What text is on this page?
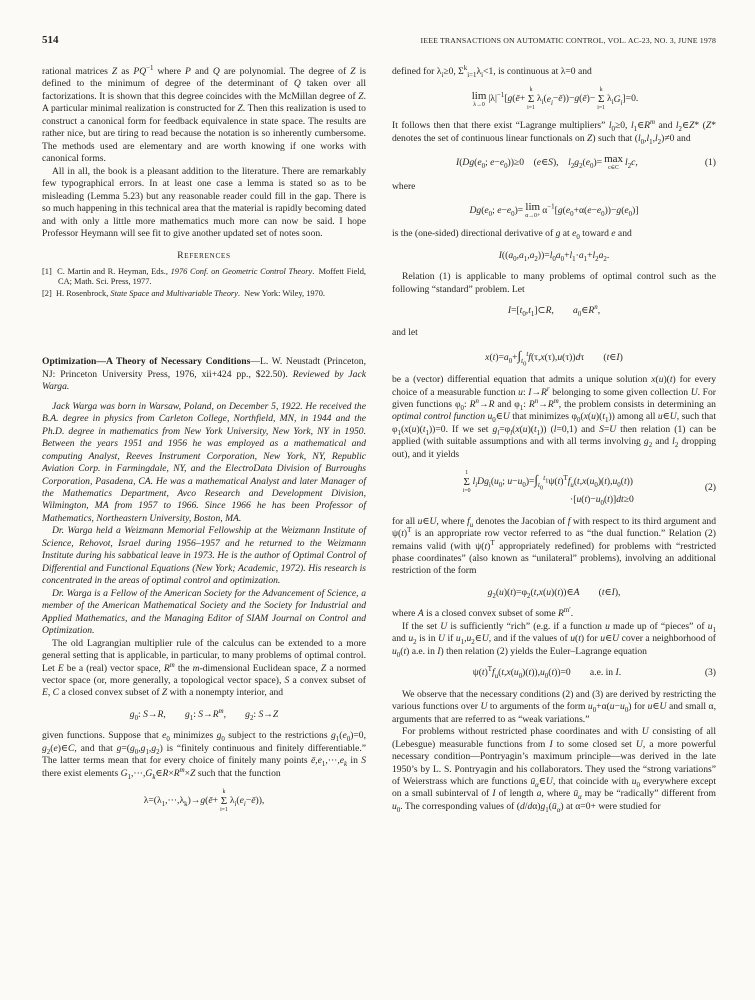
514	IEEE TRANSACTIONS ON AUTOMATIC CONTROL, VOL. AC-23, NO. 3, JUNE 1978

rational matrices Z as $PQ^{-1}$ where P and Q are polynomial. The degree of Z is defined to the minimum of degree of the determinant of Q taken over all factorizations. It is shown that this degree coincides with the McMillan degree of Z. A particular minimal realization is constructed for Z. Then this realization is used to construct a canonical form for feedback equivalence in state space. The results are rather nice, but are tiring to read because the notation is so inherently cumbersome. The methods used are elementary and are worth knowing if one works with canonical forms.

All in all, the book is a pleasant addition to the literature. There are remarkably few typographical errors. In at least one case a lemma is stated so as to be misleading (Lemma 5.23) but any reasonable reader could fill in the gap. There is so much happening in this technical area that the material is rapidly becoming dated and with only a little more mathematics much more can now be said. I hope Professor Heymann will see fit to give another updated set of notes soon.

REFERENCES

[1]  C. Martin and R. Heyman, Eds., 1976 Conf. on Geometric Control Theory. Moffett Field, CA; Math. Sci. Press, 1977.

[2]  H. Rosenbrock, State Space and Multivariable Theory. New York: Wiley, 1970.

Optimization—A Theory of Necessary Conditions—L. W. Neustadt (Princeton, NJ: Princeton University Press, 1976, xii+424 pp., $22.50). Reviewed by Jack Warga.

Jack Warga was born in Warsaw, Poland, on December 5, 1922. He received the B.A. degree in physics from Carleton College, Northfield, MN, in 1944 and the Ph.D. degree in mathematics from New York University, New York, NY in 1950. Between the years 1951 and 1956 he was employed as a mathematical and computing Analyst, Reeves Instrument Corporation, New York, NY, Republic Aviation Corp. in Farmingdale, NY, and the ElectroData Division of Burroughs Corporation, Pasadena, CA. He was a mathematical Analyst and later Manager of the Mathematics Department, Avco Research and Development Division, Wilmington, MA from 1957 to 1966. Since 1966 he has been Professor of Mathematics, Northeastern University, Boston, MA.

Dr. Warga held a Weizmann Memorial Fellowship at the Weizmann Institute of Science, Rehovot, Israel during 1956–1957 and he returned to the Weizmann Institute during his sabbatical leave in 1973. He is the author of Optimal Control of Differential and Functional Equations (New York; Academic, 1972). His research is concentrated in the areas of optimal control and optimization.

Dr. Warga is a Fellow of the American Society for the Advancement of Science, a member of the American Mathematical Society and the Society for Industrial and Applied Mathematics, and the Managing Editor of SIAM Journal on Control and Optimization.

The old Lagrangian multiplier rule of the calculus can be extended to a more general setting that is applicable, in particular, to many problems of optimal control. Let E be a (real) vector space, $R^m$ the m-dimensional Euclidean space, Z a normed vector space (or, more generally, a topological vector space), S a convex subset of E, C a closed convex subset of Z with a nonempty interior, and

$g_0$: S→R,  $g_1$: $S\to R^m$,  $g_2$: S→Z

given functions. Suppose that $e_0$ minimizes $g_0$ subject to the restrictions $g_1(e_0)=0$, $g_2(e)\in C$, and that $g=(g_0,g_1,g_2)$ is “finitely continuous and finitely differentiable.” The latter terms mean that for every choice of finitely many points $ē,e_1,\cdot\cdot\cdot,e_k$ in S there exist elements $G_1,\cdot\cdot\cdot,G_k\in R\times R^m\times Z$ such that the function

$\lambda=(\lambda_1,\cdot\cdot\cdot,\lambda_k)\to g(ē+$
k
Σ
i=1
$\lambda_i(e_i-ē)$),

defined for $\lambda_i\ge 0$, $\Sigma^k_{i=1}\lambda_i<1$, is continuous at λ=0 and

lim
λ→0
$|\lambda|^{-1}[g(ē+$
k
Σ
i=1
$\lambda_i(e_i-ē))-g(ē)-$
k
Σ
i=1
$\lambda_iG_i]=0$.

It follows then that there exist “Lagrange multipliers” $l_0\ge 0$, $l_1\in R^m$ and $l_2\in Z*$ (Z* denotes the set of continuous linear functionals on Z) such that $(l_0,l_1,l_2)\ne 0$ and

$I(Dg(e_0$; $e-e_0))\ge 0$ (e∈S), $l_2g_2(e_0)= \max$
c∈C
$l_2c$,	(1)

where

$Dg(e_0$; $e-e_0)= \lim$
α→0+
$\alpha^{-1}[g(e_0+\alpha(e-e_0))-g(e_0)]$

is the (one-sided) directional derivative of g at $e_0$ toward e and

$I((a_0,a_1,a_2))=l_0a_0+l_1\cdot a_1+l_2a_2$.

Relation (1) is applicable to many problems of optimal control such as the following “standard” problem. Let

$I=[t_0,t_1]\subset R$,  $a_0\in R^n$,

and let

$x(t)=a_0+\int_{t_0}^tf(\tau,x(\tau),u(\tau))d\tau$  (t∈I)

be a (vector) differential equation that admits a unique solution x(u)(t) for every choice of a measurable function u: $I\to R^r$ belonging to some given collection U. For given functions $\varphi_0$: $R^n\to R$ and $\varphi_1$: $R^n\to R^m$, the problem consists in determining an optimal control function $u_0\in U$ that minimizes $\varphi_0(x(u)(t_1))$ among all u∈U, such that $\varphi_1(x(u)(t_1))=0$. If we set $g_l=\varphi_l(x(u)(t_1))$ (l=0,1) and S=U then relation (1) can be applied (with suitable assumptions and with all terms involving $g_2$ and $l_2$ dropping out), and it yields

1
Σ
i=0
$l_iDg_i(u_0$; $u-u_0)=\int_{t_0}^{t_1}\psi(t)^Tf_u(t,x(u_0)(t),u_0(t))$
$\cdot[u(t)-u_0(t)]dt\ge 0$
(2)

for all u∈U, where $f_u$ denotes the Jacobian of f with respect to its third argument and $\psi(t)^T$ is an appropriate row vector referred to as “the dual function.” Relation (2) remains valid (with $\psi(t)^T$ appropriately redefined) for problems with “restricted phase coordinates” (also known as “unilateral” problems), involving an additional restriction of the form

$g_2(u)(t)=\varphi_2(t,x(u)(t))\in A$  (t∈I),

where A is a closed convex subset of some $R^{m'}$.

If the set U is sufficiently “rich” (e.g. if a function u made up of “pieces” of $u_1$ and $u_2$ is in U if $u_1,u_2\in U$, and if the values of u(t) for u∈U cover a neighborhood of $u_0(t)$ a.e. in I) then relation (2) yields the Euler–Lagrange equation

$\psi(t)^Tf_u(t,x(u_0)(t)),u_0(t))=0$  a.e. in I.	(3)

We observe that the necessary conditions (2) and (3) are derived by restricting the various functions over U to arguments of the form $u_0+\alpha(u-u_0)$ for u∈U and small α, arguments that are referred to as “weak variations.”

For problems without restricted phase coordinates and with U consisting of all (Lebesgue) measurable functions from I to some closed set U, a more powerful necessary condition—Pontryagin’s maximum principle—was derived in the late 1950’s by L. S. Pontryagin and his collaborators. They used the “strong variations” of Weierstrass which are functions $ū_\alpha\in U$, that coincide with $u_0$ everywhere except on a small subinterval of I of length a, where $ū_\alpha$ may be “radically” different from $u_0$. The corresponding values of $(d/d\alpha)g_1(ū_\alpha)$ at α=0+ were studied for
